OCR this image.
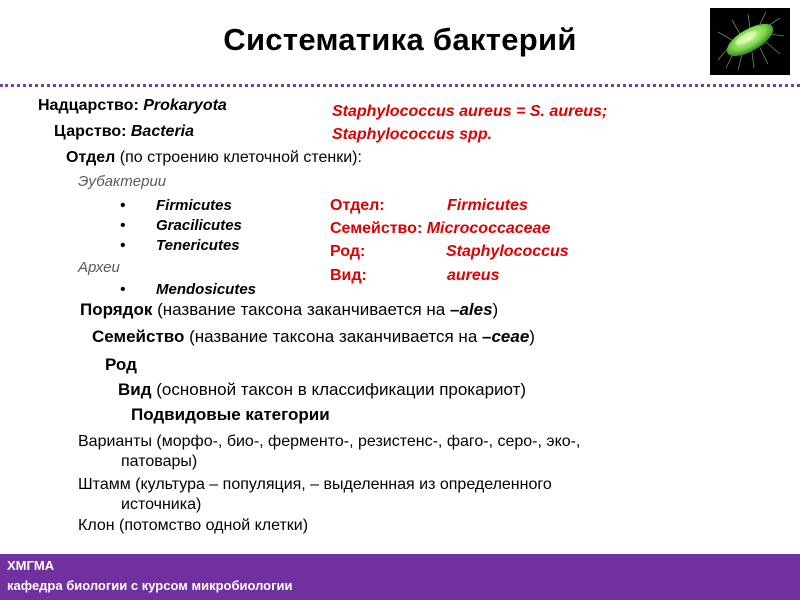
Систематика бактерий
Надцарство: Prokaryota
Царство: Bacteria
Отдел (по строению клеточной стенки):
Эубактерии
• Firmicutes
• Gracilicutes
• Tenericutes
Археи
• Mendosicutes
Порядок (название таксона заканчивается на –ales)
Семейство (название таксона заканчивается на –ceae)
Род
Вид (основной таксон в классификации прокариот)
Подвидовые категории
Варианты (морфо-, био-, ферменто-, резистенс-, фаго-, серо-, эко-,
патовары)
Штамм (культура – популяция, – выделенная из определенного
источника)
Клон (потомство одной клетки)
Staphylococcus aureus = S. aureus;
Staphylococcus spp.
Отдел:	Firmicutes
Семейство: Micrococcaceae
Род:	Staphylococcus
Вид:	aureus
ХМГМА
кафедра биологии с курсом микробиологии
